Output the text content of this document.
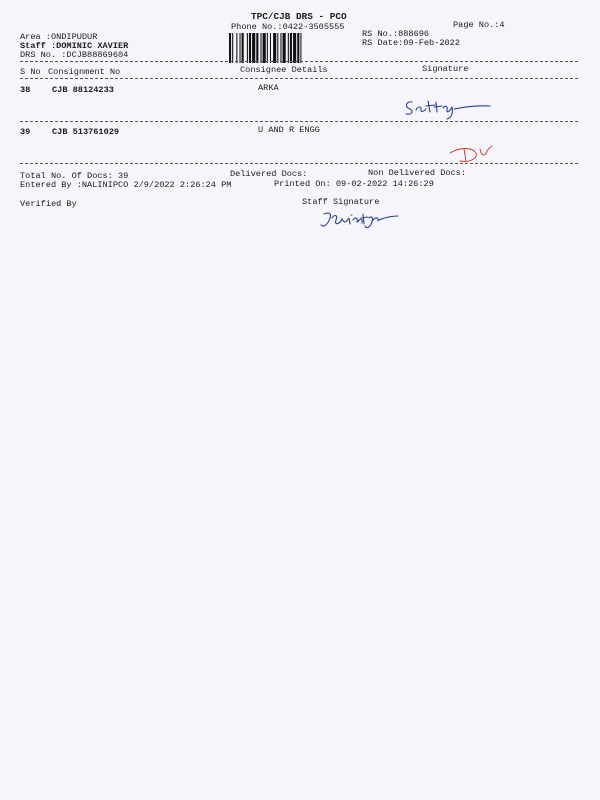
TPC/CJB DRS - PCO
Phone No.:0422-3505555	Page No.:4
Area :ONDIPUDUR
Staff :DOMINIC XAVIER
DRS No. :DCJB88869604
RS No.:888696
RS Date:09-Feb-2022
S No Consignment No	Consignee Details	Signature
38	CJB 88124233	ARKA
39	CJB 513761029	U AND R ENGG
Total No. Of Docs: 39	Delivered Docs:	Non Delivered Docs:
Entered By :NALINIPCO 2/9/2022 2:26:24 PM	Printed On: 09-02-2022 14:26:29
Verified By	Staff Signature
